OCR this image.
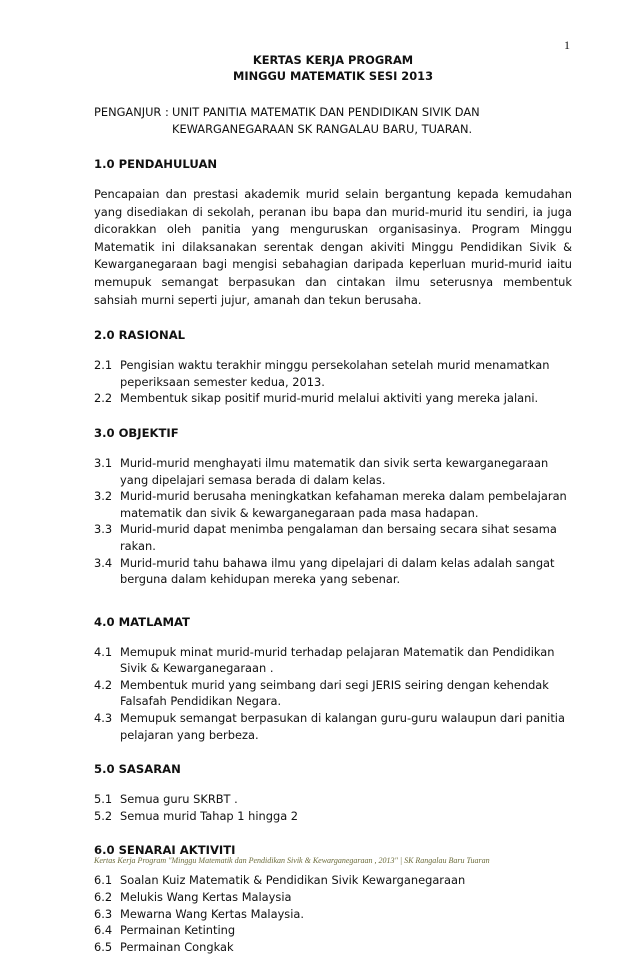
1
KERTAS KERJA PROGRAM
MINGGU MATEMATIK SESI 2013
PENGANJUR : UNIT PANITIA MATEMATIK DAN PENDIDIKAN SIVIK DAN
KEWARGANEGARAAN SK RANGALAU BARU, TUARAN.
1.0 PENDAHULUAN

Pencapaian dan prestasi akademik murid selain bergantung kepada kemudahan yang disediakan di sekolah, peranan ibu bapa dan murid-murid itu sendiri, ia juga dicorakkan oleh panitia yang menguruskan organisasinya. Program Minggu Matematik ini dilaksanakan serentak dengan akiviti Minggu Pendidikan Sivik & Kewarganegaraan bagi mengisi sebahagian daripada keperluan murid-murid iaitu memupuk semangat berpasukan dan cintakan ilmu seterusnya membentuk sahsiah murni seperti jujur, amanah dan tekun berusaha.

2.0 RASIONAL
2.1 Pengisian waktu terakhir minggu persekolahan setelah murid menamatkan peperiksaan semester kedua, 2013.
2.2 Membentuk sikap positif murid-murid melalui aktiviti yang mereka jalani.
3.0 OBJEKTIF
3.1 Murid-murid menghayati ilmu matematik dan sivik serta kewarganegaraan yang dipelajari semasa berada di dalam kelas.
3.2 Murid-murid berusaha meningkatkan kefahaman mereka dalam pembelajaran matematik dan sivik & kewarganegaraan pada masa hadapan.
3.3 Murid-murid dapat menimba pengalaman dan bersaing secara sihat sesama rakan.
3.4 Murid-murid tahu bahawa ilmu yang dipelajari di dalam kelas adalah sangat berguna dalam kehidupan mereka yang sebenar.
4.0 MATLAMAT
4.1 Memupuk minat murid-murid terhadap pelajaran Matematik dan Pendidikan Sivik & Kewarganegaraan .
4.2 Membentuk murid yang seimbang dari segi JERIS seiring dengan kehendak Falsafah Pendidikan Negara.
4.3 Memupuk semangat berpasukan di kalangan guru-guru walaupun dari panitia pelajaran yang berbeza.
5.0 SASARAN
5.1 Semua guru SKRBT .
5.2 Semua murid Tahap 1 hingga 2
6.0 SENARAI AKTIVITI
6.1 Soalan Kuiz Matematik & Pendidikan Sivik Kewarganegaraan
6.2 Melukis Wang Kertas Malaysia
6.3 Mewarna Wang Kertas Malaysia.
6.4 Permainan Ketinting
6.5 Permainan Congkak
Kertas Kerja Program "Minggu Matematik dan Pendidikan Sivik & Kewarganegaraan , 2013" | SK Rangalau Baru Tuaran
